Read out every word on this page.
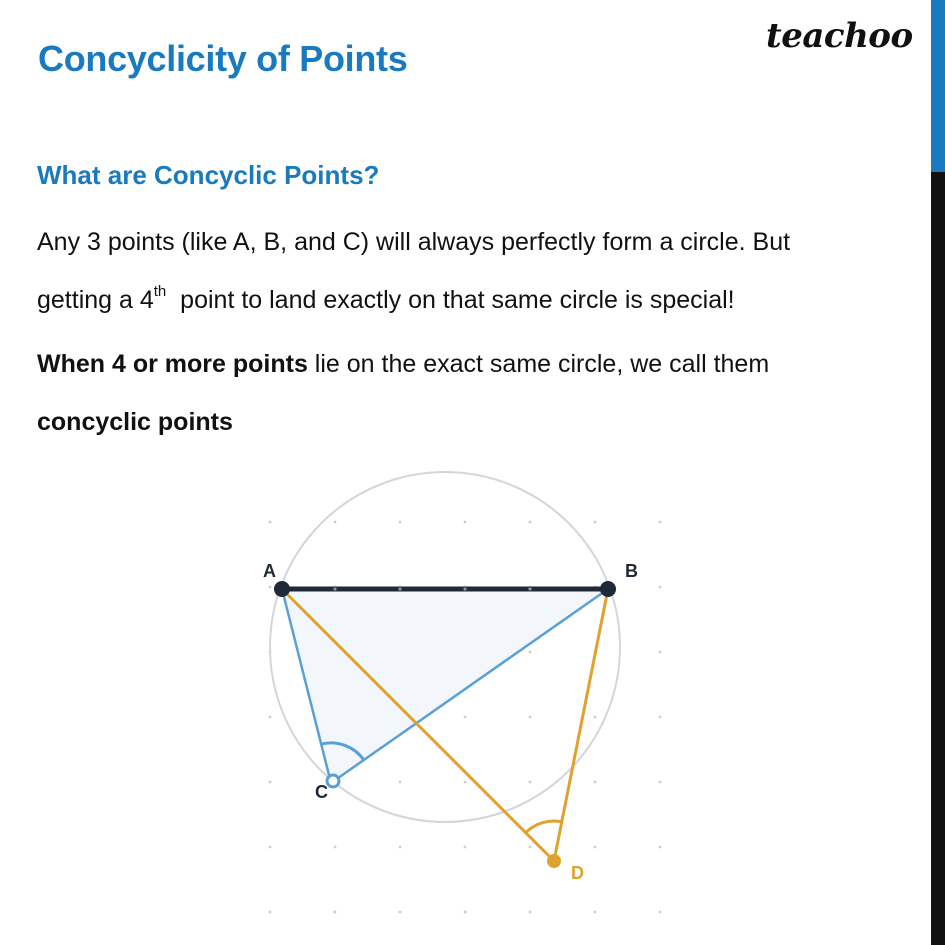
Concyclicity of Points
teachoo
What are Concyclic Points?

Any 3 points (like A, B, and C) will always perfectly form a circle. But

getting a 4th  point to land exactly on that same circle is special!

When 4 or more points lie on the exact same circle, we call them

concyclic points

A	B
C
D
